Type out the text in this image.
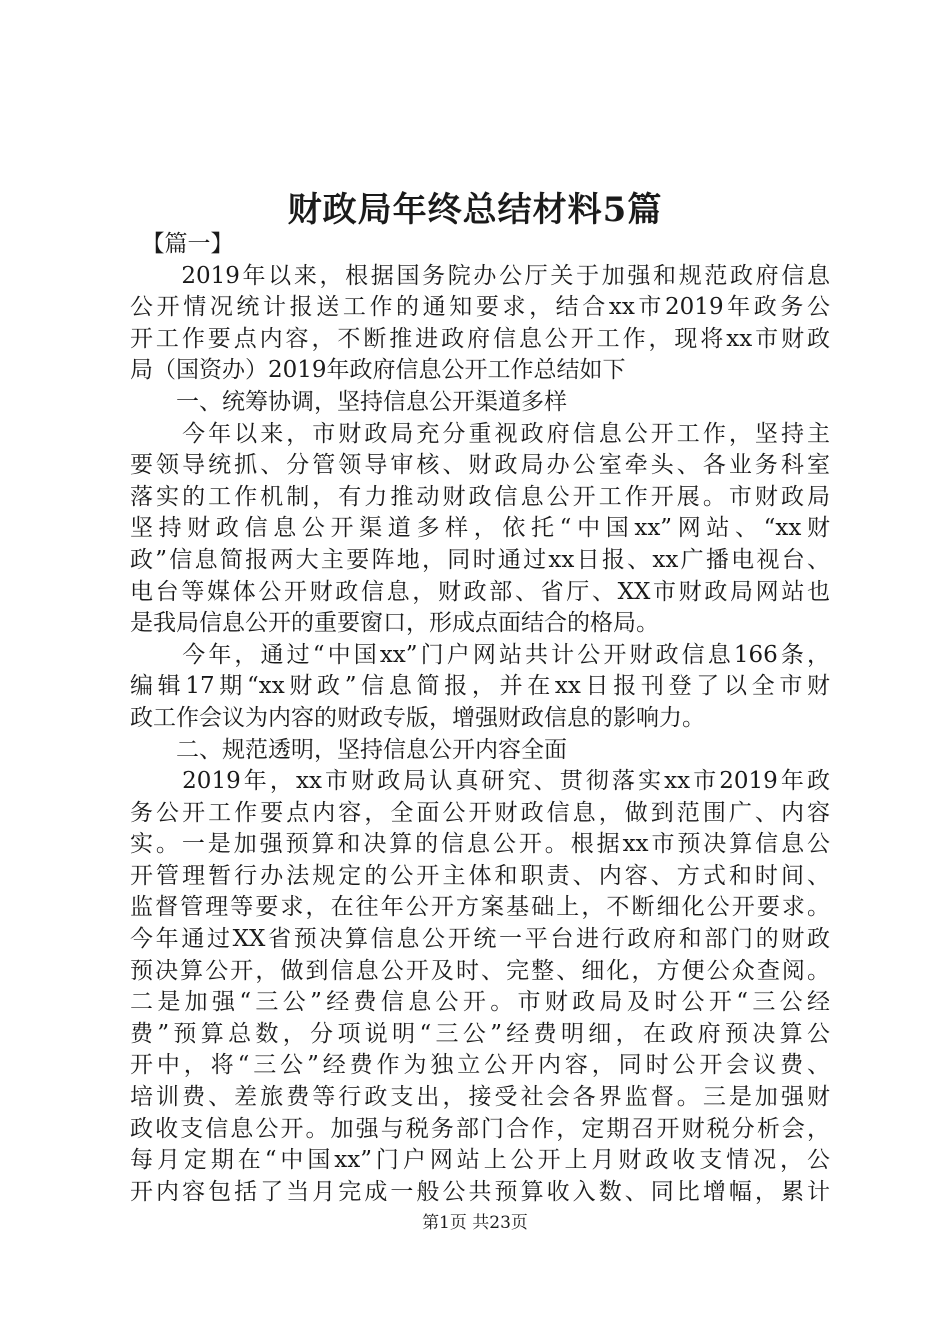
财政局年终总结材料5篇
　【篇一】
　　2019年以来，根据国务院办公厅关于加强和规范政府信息
公开情况统计报送工作的通知要求，结合xx市2019年政务公
开工作要点内容，不断推进政府信息公开工作，现将xx市财政
局（国资办）2019年政府信息公开工作总结如下
　　一、统筹协调，坚持信息公开渠道多样
　　今年以来，市财政局充分重视政府信息公开工作，坚持主
要领导统抓、分管领导审核、财政局办公室牵头、各业务科室
落实的工作机制，有力推动财政信息公开工作开展。市财政局
坚持财政信息公开渠道多样，依托“中国xx”网站、“xx财
政”信息简报两大主要阵地，同时通过xx日报、xx广播电视台、
电台等媒体公开财政信息，财政部、省厅、XX市财政局网站也
是我局信息公开的重要窗口，形成点面结合的格局。
　　今年，通过“中国xx”门户网站共计公开财政信息166条，
编辑17期“xx财政”信息简报，并在xx日报刊登了以全市财
政工作会议为内容的财政专版，增强财政信息的影响力。
　　二、规范透明，坚持信息公开内容全面
　　2019年，xx市财政局认真研究、贯彻落实xx市2019年政
务公开工作要点内容，全面公开财政信息，做到范围广、内容
实。一是加强预算和决算的信息公开。根据xx市预决算信息公
开管理暂行办法规定的公开主体和职责、内容、方式和时间、
监督管理等要求，在往年公开方案基础上，不断细化公开要求。
今年通过XX省预决算信息公开统一平台进行政府和部门的财政
预决算公开，做到信息公开及时、完整、细化，方便公众查阅。
二是加强“三公”经费信息公开。市财政局及时公开“三公经
费”预算总数，分项说明“三公”经费明细，在政府预决算公
开中，将“三公”经费作为独立公开内容，同时公开会议费、
培训费、差旅费等行政支出，接受社会各界监督。三是加强财
政收支信息公开。加强与税务部门合作，定期召开财税分析会，
每月定期在“中国xx”门户网站上公开上月财政收支情况，公
开内容包括了当月完成一般公共预算收入数、同比增幅，累计
第1页 共23页
